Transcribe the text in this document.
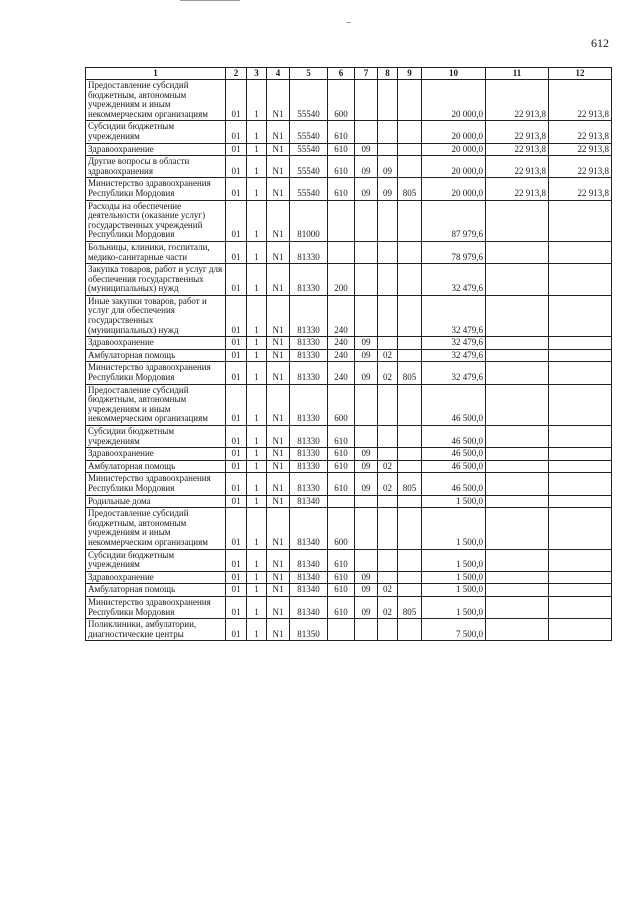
612
1	2	3	4	5	6	7	8	9	10	11	12
Предоставление субсидий бюджетным, автономным учреждениям и иным некоммерческим организациям	01	1	N1	55540	600				20 000,0	22 913,8	22 913,8
Субсидии бюджетным учреждениям	01	1	N1	55540	610				20 000,0	22 913,8	22 913,8
Здравоохранение	01	1	N1	55540	610	09			20 000,0	22 913,8	22 913,8
Другие вопросы в области здравоохранения	01	1	N1	55540	610	09	09		20 000,0	22 913,8	22 913,8
Министерство здравоохранения Республики Мордовия	01	1	N1	55540	610	09	09	805	20 000,0	22 913,8	22 913,8
Расходы на обеспечение деятельности (оказание услуг) государственных учреждений Республики Мордовия	01	1	N1	81000					87 979,6		
Больницы, клиники, госпитали, медико-санитарные части	01	1	N1	81330					78 979,6		
Закупка товаров, работ и услуг для обеспечения государственных (муниципальных) нужд	01	1	N1	81330	200				32 479,6		
Иные закупки товаров, работ и услуг для обеспечения государственных (муниципальных) нужд	01	1	N1	81330	240				32 479,6		
Здравоохранение	01	1	N1	81330	240	09			32 479,6		
Амбулаторная помощь	01	1	N1	81330	240	09	02		32 479,6		
Министерство здравоохранения Республики Мордовия	01	1	N1	81330	240	09	02	805	32 479,6		
Предоставление субсидий бюджетным, автономным учреждениям и иным некоммерческим организациям	01	1	N1	81330	600				46 500,0		
Субсидии бюджетным учреждениям	01	1	N1	81330	610				46 500,0		
Здравоохранение	01	1	N1	81330	610	09			46 500,0		
Амбулаторная помощь	01	1	N1	81330	610	09	02		46 500,0		
Министерство здравоохранения Республики Мордовия	01	1	N1	81330	610	09	02	805	46 500,0		
Родильные дома	01	1	N1	81340					1 500,0		
Предоставление субсидий бюджетным, автономным учреждениям и иным некоммерческим организациям	01	1	N1	81340	600				1 500,0		
Субсидии бюджетным учреждениям	01	1	N1	81340	610				1 500,0		
Здравоохранение	01	1	N1	81340	610	09			1 500,0		
Амбулаторная помощь	01	1	N1	81340	610	09	02		1 500,0		
Министерство здравоохранения Республики Мордовия	01	1	N1	81340	610	09	02	805	1 500,0		
Поликлиники, амбулатории, диагностические центры	01	1	N1	81350					7 500,0		
